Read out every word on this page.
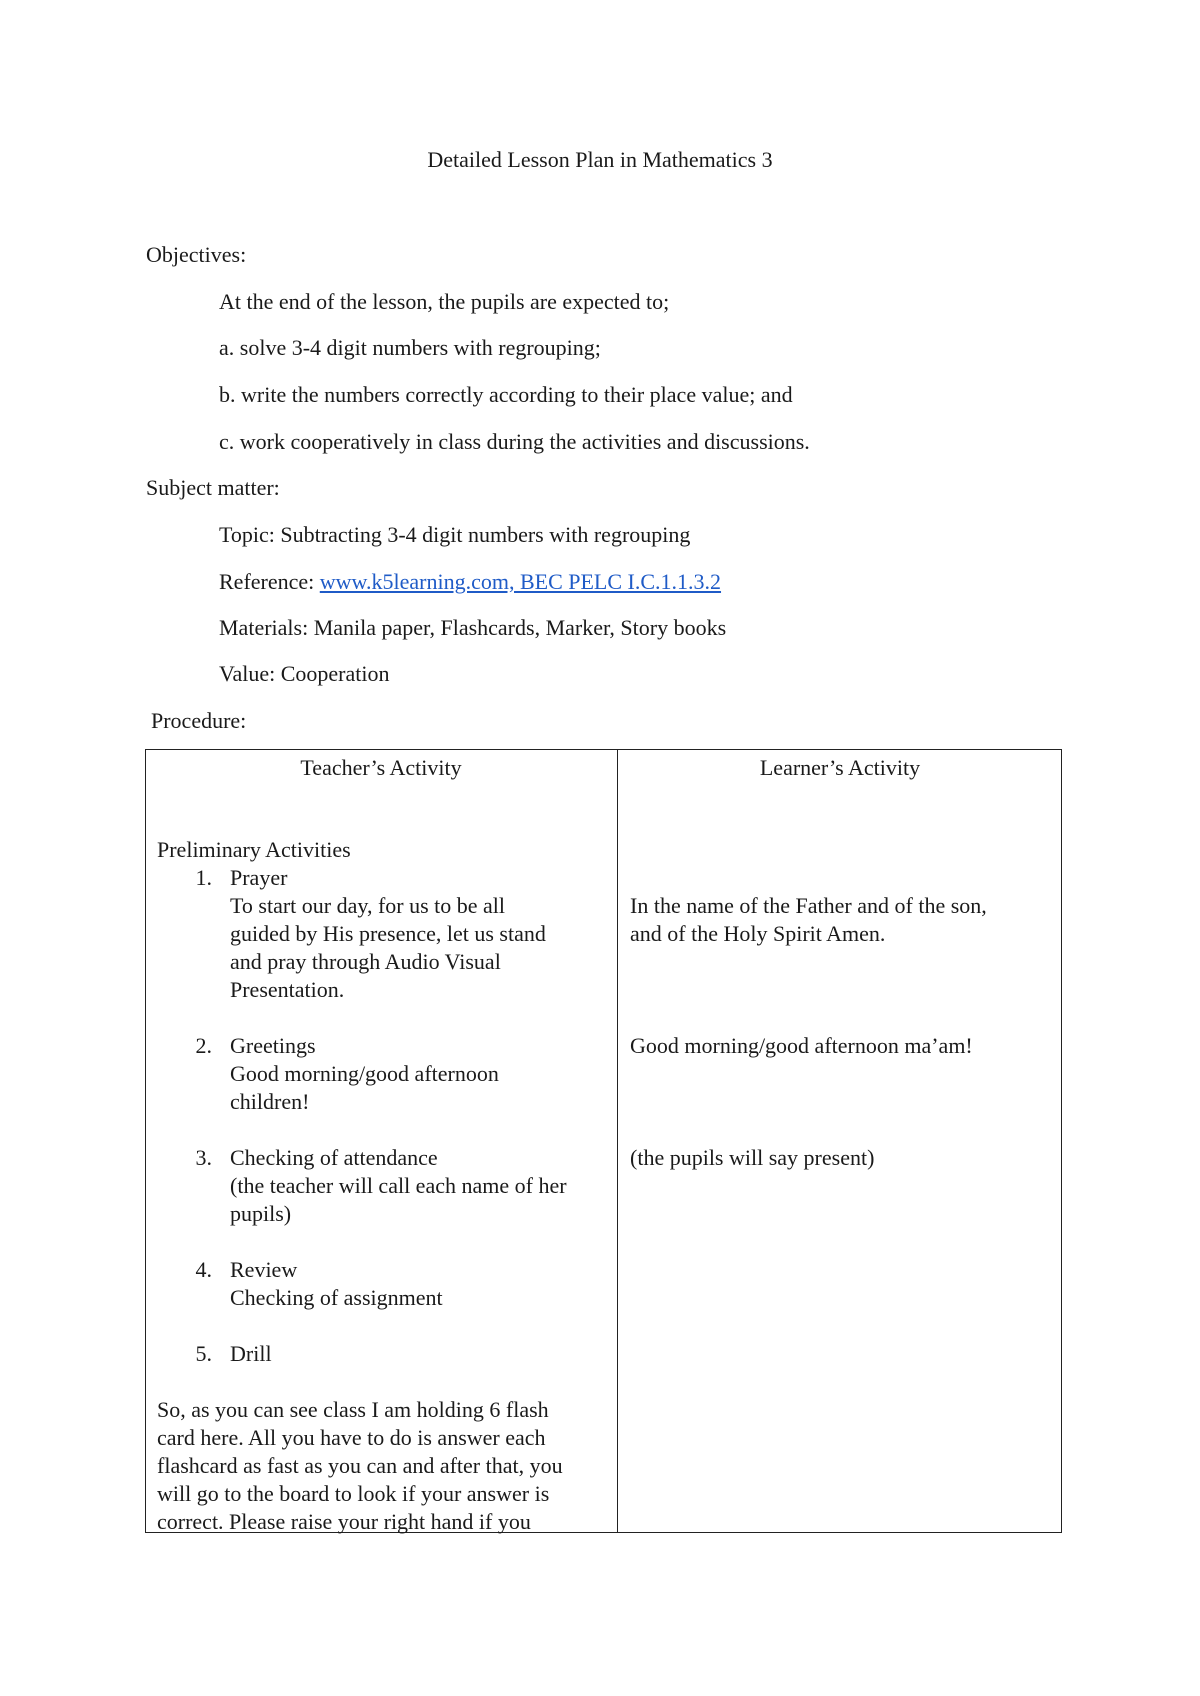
Detailed Lesson Plan in Mathematics 3
Objectives:
At the end of the lesson, the pupils are expected to;
a. solve 3-4 digit numbers with regrouping;
b. write the numbers correctly according to their place value; and
c. work cooperatively in class during the activities and discussions.
Subject matter:
Topic: Subtracting 3-4 digit numbers with regrouping
Reference: www.k5learning.com, BEC PELC I.C.1.1.3.2
Materials: Manila paper, Flashcards, Marker, Story books
Value: Cooperation
Procedure:
Teacher’s Activity	Learner’s Activity
Preliminary Activities
1. Prayer
To start our day, for us to be all
guided by His presence, let us stand
and pray through Audio Visual
Presentation.
In the name of the Father and of the son,
and of the Holy Spirit Amen.
2. Greetings
Good morning/good afternoon
children!
Good morning/good afternoon ma’am!
3. Checking of attendance
(the teacher will call each name of her
pupils)
(the pupils will say present)
4. Review
Checking of assignment
5. Drill
So, as you can see class I am holding 6 flash
card here. All you have to do is answer each
flashcard as fast as you can and after that, you
will go to the board to look if your answer is
correct. Please raise your right hand if you
